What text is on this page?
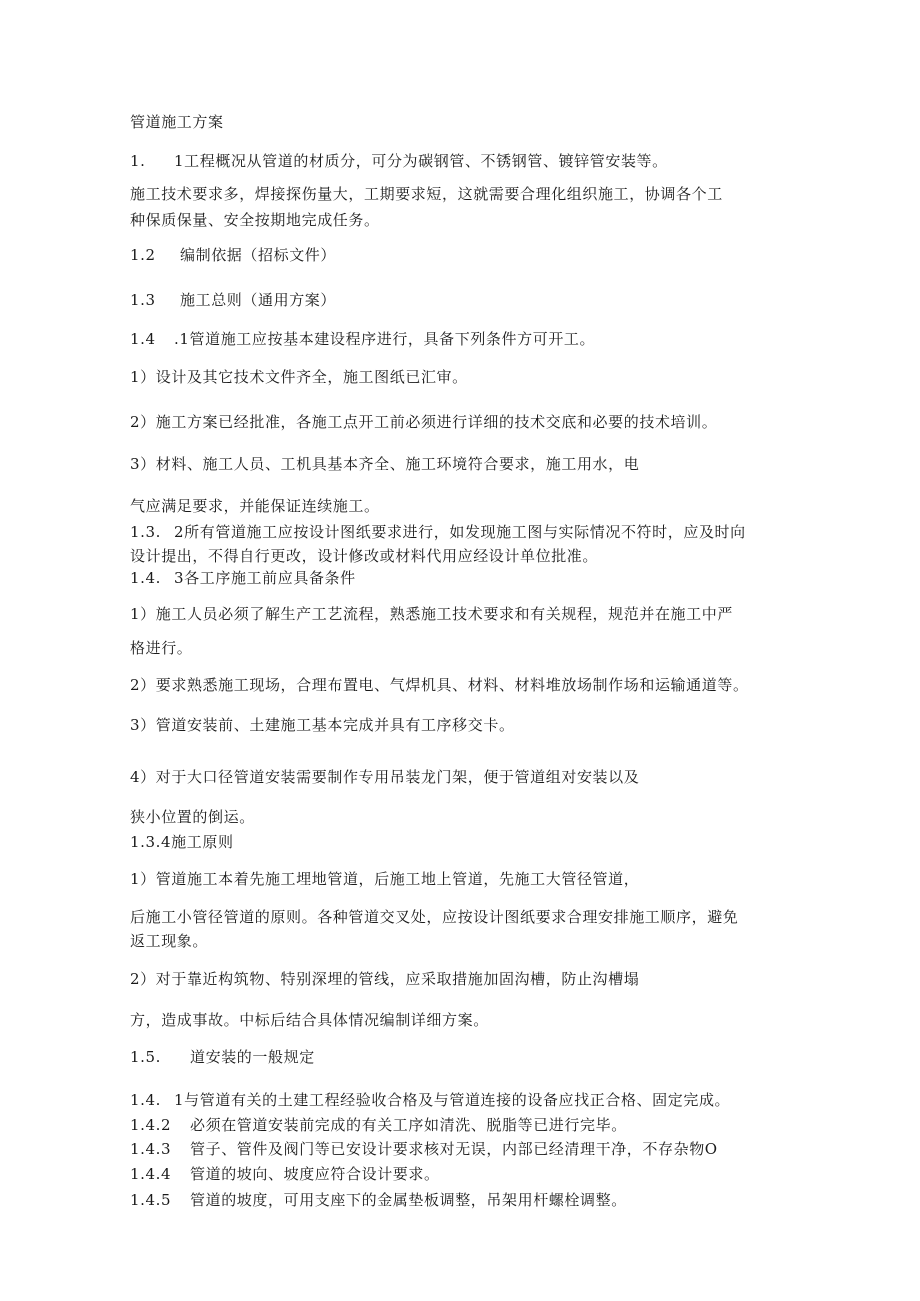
管道施工方案
1. 1工程概况从管道的材质分，可分为碳钢管、不锈钢管、镀锌管安装等。
施工技术要求多，焊接探伤量大，工期要求短，这就需要合理化组织施工，协调各个工
种保质保量、安全按期地完成任务。
1.2 编制依据（招标文件）
1.3 施工总则（通用方案）
1.4 .1管道施工应按基本建设程序进行，具备下列条件方可开工。
1）设计及其它技术文件齐全，施工图纸已汇审。
2）施工方案已经批准，各施工点开工前必须进行详细的技术交底和必要的技术培训。
3）材料、施工人员、工机具基本齐全、施工环境符合要求，施工用水，电
气应满足要求，并能保证连续施工。
1.3. 2所有管道施工应按设计图纸要求进行，如发现施工图与实际情况不符时，应及时向
设计提出，不得自行更改，设计修改或材料代用应经设计单位批准。
1.4. 3各工序施工前应具备条件
1）施工人员必须了解生产工艺流程，熟悉施工技术要求和有关规程，规范并在施工中严
格进行。
2）要求熟悉施工现场，合理布置电、气焊机具、材料、材料堆放场制作场和运输通道等。
3）管道安装前、土建施工基本完成并具有工序移交卡。
4）对于大口径管道安装需要制作专用吊装龙门架，便于管道组对安装以及
狭小位置的倒运。
1.3.4施工原则
1）管道施工本着先施工埋地管道，后施工地上管道，先施工大管径管道，
后施工小管径管道的原则。各种管道交叉处，应按设计图纸要求合理安排施工顺序，避免
返工现象。
2）对于靠近构筑物、特别深埋的管线，应采取措施加固沟槽，防止沟槽塌
方，造成事故。中标后结合具体情况编制详细方案。
1.5. 道安装的一般规定
1.4. 1与管道有关的土建工程经验收合格及与管道连接的设备应找正合格、固定完成。
1.4.2 必须在管道安装前完成的有关工序如清洗、脱脂等已进行完毕。
1.4.3 管子、管件及阀门等已安设计要求核对无误，内部已经清理干净，不存杂物O
1.4.4 管道的坡向、坡度应符合设计要求。
1.4.5 管道的坡度，可用支座下的金属垫板调整，吊架用杆螺栓调整。
